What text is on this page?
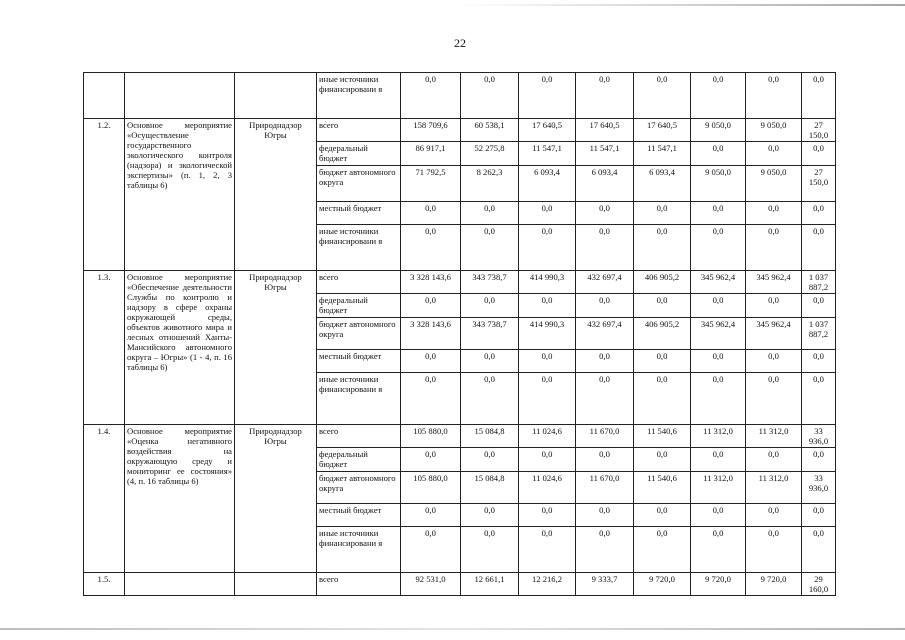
22
			иные источники финансировани я	0,0	0,0	0,0	0,0	0,0	0,0	0,0	0,0
1.2.	Основное мероприятие «Осуществление государственного экологического контроля (надзора) и экологической экспертизы» (п. 1, 2, 3 таблицы 6)	Природнадзор Югры	всего	158 709,6	60 538,1	17 640,5	17 640,5	17 640,5	9 050,0	9 050,0	27 150,0
			федеральный бюджет	86 917,1	52 275,8	11 547,1	11 547,1	11 547,1	0,0	0,0	0,0
			бюджет автономного округа	71 792,5	8 262,3	6 093,4	6 093,4	6 093,4	9 050,0	9 050,0	27 150,0
			местный бюджет	0,0	0,0	0,0	0,0	0,0	0,0	0,0	0,0
			иные источники финансировани я	0,0	0,0	0,0	0,0	0,0	0,0	0,0	0,0
1.3.	Основное мероприятие «Обеспечение деятельности Службы по контролю и надзору в сфере охраны окружающей среды, объектов животного мира и лесных отношений Ханты-Мансийского автономного округа – Югры» (1 - 4, п. 16 таблицы 6)	Природнадзор Югры	всего	3 328 143,6	343 738,7	414 990,3	432 697,4	406 905,2	345 962,4	345 962,4	1 037 887,2
			федеральный бюджет	0,0	0,0	0,0	0,0	0,0	0,0	0,0	0,0
			бюджет автономного округа	3 328 143,6	343 738,7	414 990,3	432 697,4	406 905,2	345 962,4	345 962,4	1 037 887,2
			местный бюджет	0,0	0,0	0,0	0,0	0,0	0,0	0,0	0,0
			иные источники финансировани я	0,0	0,0	0,0	0,0	0,0	0,0	0,0	0,0
1.4.	Основное мероприятие «Оценка негативного воздействия на окружающую среду и мониторинг ее состояния» (4, п. 16 таблицы 6)	Природнадзор Югры	всего	105 880,0	15 084,8	11 024,6	11 670,0	11 540,6	11 312,0	11 312,0	33 936,0
			федеральный бюджет	0,0	0,0	0,0	0,0	0,0	0,0	0,0	0,0
			бюджет автономного округа	105 880,0	15 084,8	11 024,6	11 670,0	11 540,6	11 312,0	11 312,0	33 936,0
			местный бюджет	0,0	0,0	0,0	0,0	0,0	0,0	0,0	0,0
			иные источники финансировани я	0,0	0,0	0,0	0,0	0,0	0,0	0,0	0,0
1.5.			всего	92 531,0	12 661,1	12 216,2	9 333,7	9 720,0	9 720,0	9 720,0	29 160,0
